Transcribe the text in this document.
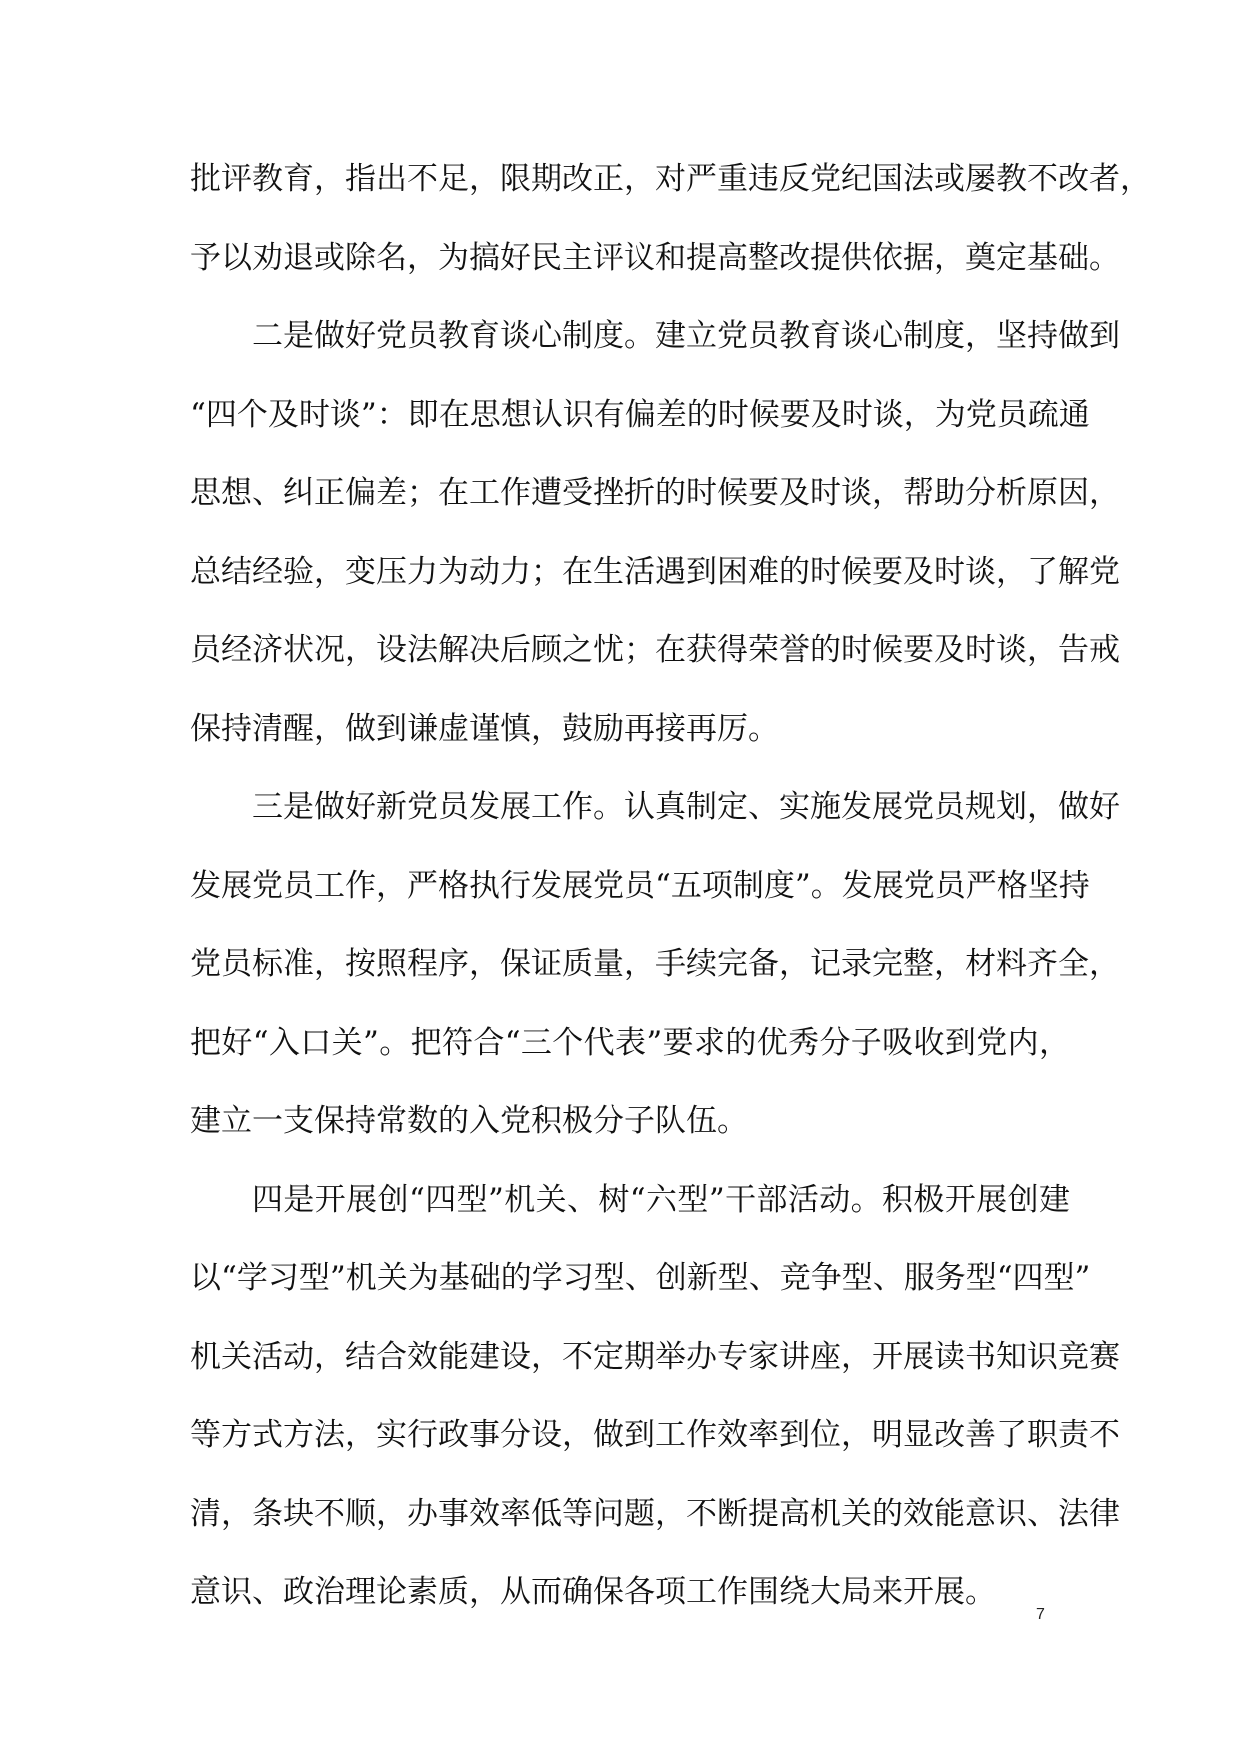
批评教育，指出不足，限期改正，对严重违反党纪国法或屡教不改者，
予以劝退或除名，为搞好民主评议和提高整改提供依据，奠定基础。
二是做好党员教育谈心制度。建立党员教育谈心制度，坚持做到
“四个及时谈”：即在思想认识有偏差的时候要及时谈，为党员疏通
思想、纠正偏差；在工作遭受挫折的时候要及时谈，帮助分析原因，
总结经验，变压力为动力；在生活遇到困难的时候要及时谈，了解党
员经济状况，设法解决后顾之忧；在获得荣誉的时候要及时谈，告戒
保持清醒，做到谦虚谨慎，鼓励再接再厉。
三是做好新党员发展工作。认真制定、实施发展党员规划，做好
发展党员工作，严格执行发展党员“五项制度”。发展党员严格坚持
党员标准，按照程序，保证质量，手续完备，记录完整，材料齐全，
把好“入口关”。把符合“三个代表”要求的优秀分子吸收到党内，
建立一支保持常数的入党积极分子队伍。
四是开展创“四型”机关、树“六型”干部活动。积极开展创建
以“学习型”机关为基础的学习型、创新型、竞争型、服务型“四型”
机关活动，结合效能建设，不定期举办专家讲座，开展读书知识竞赛
等方式方法，实行政事分设，做到工作效率到位，明显改善了职责不
清，条块不顺，办事效率低等问题，不断提高机关的效能意识、法律
意识、政治理论素质，从而确保各项工作围绕大局来开展。
7
